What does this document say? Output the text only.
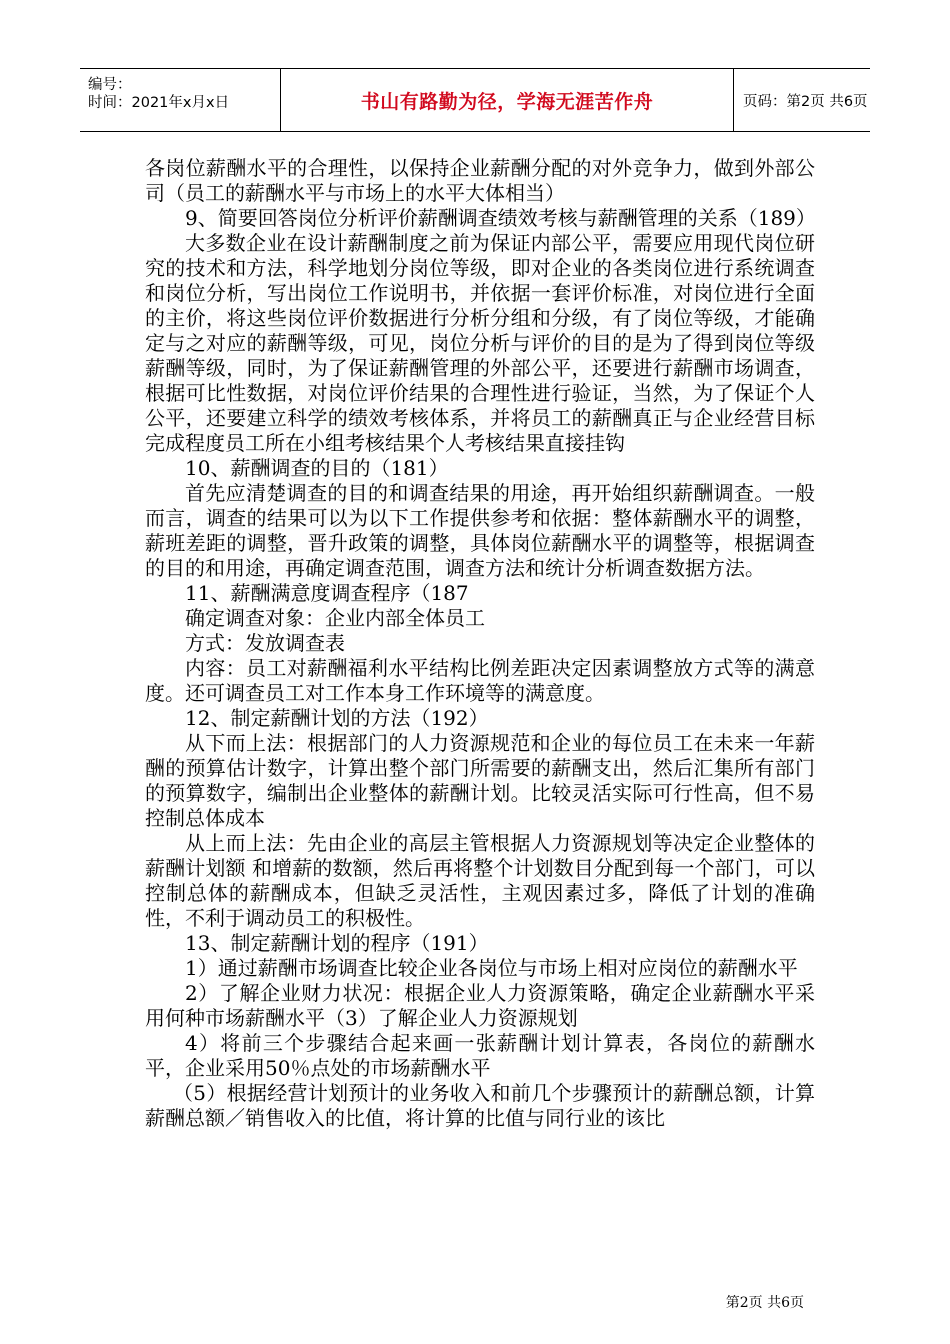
编号：
时间：2021年x月x日	书山有路勤为径，学海无涯苦作舟	页码：第2页 共6页

各岗位薪酬水平的合理性，以保持企业薪酬分配的对外竞争力，做到外部公司（员工的薪酬水平与市场上的水平大体相当）

9、简要回答岗位分析评价薪酬调查绩效考核与薪酬管理的关系（189）

大多数企业在设计薪酬制度之前为保证内部公平，需要应用现代岗位研究的技术和方法，科学地划分岗位等级，即对企业的各类岗位进行系统调查和岗位分析，写出岗位工作说明书，并依据一套评价标准，对岗位进行全面的主价，将这些岗位评价数据进行分析分组和分级，有了岗位等级，才能确定与之对应的薪酬等级，可见，岗位分析与评价的目的是为了得到岗位等级薪酬等级，同时，为了保证薪酬管理的外部公平，还要进行薪酬市场调查，根据可比性数据，对岗位评价结果的合理性进行验证，当然，为了保证个人公平，还要建立科学的绩效考核体系，并将员工的薪酬真正与企业经营目标完成程度员工所在小组考核结果个人考核结果直接挂钩

10、薪酬调查的目的（181）

首先应清楚调查的目的和调查结果的用途，再开始组织薪酬调查。一般而言，调查的结果可以为以下工作提供参考和依据：整体薪酬水平的调整，薪班差距的调整，晋升政策的调整，具体岗位薪酬水平的调整等，根据调查的目的和用途，再确定调查范围，调查方法和统计分析调查数据方法。

11、薪酬满意度调查程序（187

确定调查对象：企业内部全体员工

方式：发放调查表

内容：员工对薪酬福利水平结构比例差距决定因素调整放方式等的满意度。还可调查员工对工作本身工作环境等的满意度。

12、制定薪酬计划的方法（192）

从下而上法：根据部门的人力资源规范和企业的每位员工在未来一年薪酬的预算估计数字，计算出整个部门所需要的薪酬支出，然后汇集所有部门的预算数字，编制出企业整体的薪酬计划。比较灵活实际可行性高，但不易控制总体成本

从上而上法：先由企业的高层主管根据人力资源规划等决定企业整体的薪酬计划额 和增薪的数额，然后再将整个计划数目分配到每一个部门，可以控制总体的薪酬成本，但缺乏灵活性，主观因素过多，降低了计划的准确性，不利于调动员工的积极性。

13、制定薪酬计划的程序（191）

1）通过薪酬市场调查比较企业各岗位与市场上相对应岗位的薪酬水平

2）了解企业财力状况：根据企业人力资源策略，确定企业薪酬水平采用何种市场薪酬水平（3）了解企业人力资源规划

4）将前三个步骤结合起来画一张薪酬计划计算表，各岗位的薪酬水平，企业采用50％点处的市场薪酬水平

（5）根据经营计划预计的业务收入和前几个步骤预计的薪酬总额，计算薪酬总额／销售收入的比值，将计算的比值与同行业的该比

第2页 共6页
